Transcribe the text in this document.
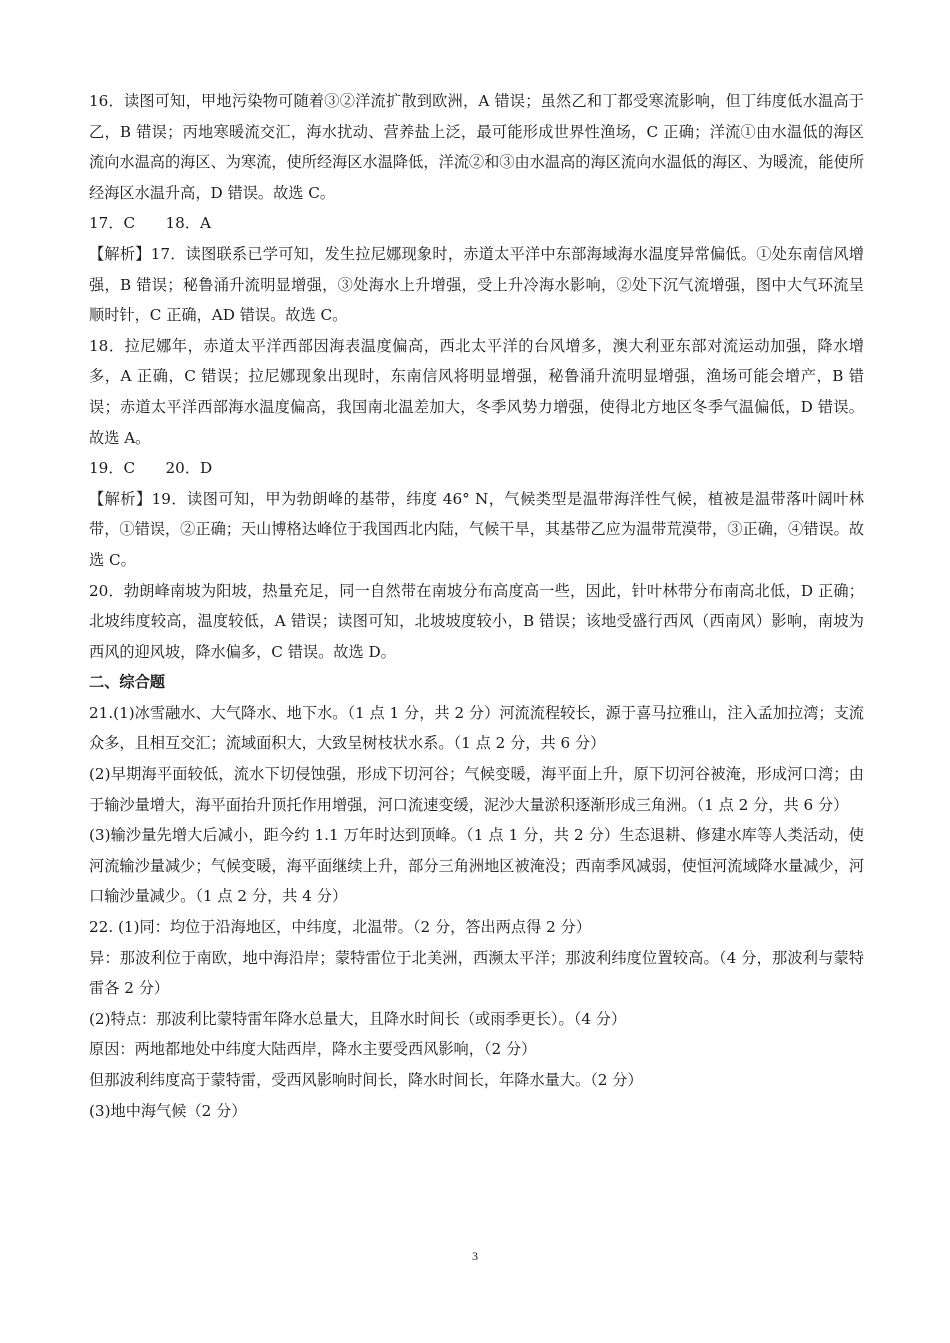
16．读图可知，甲地污染物可随着③②洋流扩散到欧洲，A 错误；虽然乙和丁都受寒流影响，但丁纬度低水温高于乙，B 错误；丙地寒暖流交汇，海水扰动、营养盐上泛，最可能形成世界性渔场，C 正确；洋流①由水温低的海区流向水温高的海区、为寒流，使所经海区水温降低，洋流②和③由水温高的海区流向水温低的海区、为暖流，能使所经海区水温升高，D 错误。故选 C。

17．C　　18．A

【解析】17．读图联系已学可知，发生拉尼娜现象时，赤道太平洋中东部海域海水温度异常偏低。①处东南信风增强，B 错误；秘鲁涌升流明显增强，③处海水上升增强，受上升冷海水影响，②处下沉气流增强，图中大气环流呈顺时针，C 正确，AD 错误。故选 C。

18．拉尼娜年，赤道太平洋西部因海表温度偏高，西北太平洋的台风增多，澳大利亚东部对流运动加强，降水增多，A 正确，C 错误；拉尼娜现象出现时，东南信风将明显增强，秘鲁涌升流明显增强，渔场可能会增产，B 错误；赤道太平洋西部海水温度偏高，我国南北温差加大，冬季风势力增强，使得北方地区冬季气温偏低，D 错误。故选 A。

19．C　　20．D

【解析】19．读图可知，甲为勃朗峰的基带，纬度 46° N，气候类型是温带海洋性气候，植被是温带落叶阔叶林带，①错误，②正确；天山博格达峰位于我国西北内陆，气候干旱，其基带乙应为温带荒漠带，③正确，④错误。故选 C。

20．勃朗峰南坡为阳坡，热量充足，同一自然带在南坡分布高度高一些，因此，针叶林带分布南高北低，D 正确；北坡纬度较高，温度较低，A 错误；读图可知，北坡坡度较小，B 错误；该地受盛行西风（西南风）影响，南坡为西风的迎风坡，降水偏多，C 错误。故选 D。

二、综合题

21.(1)冰雪融水、大气降水、地下水。（1 点 1 分，共 2 分）河流流程较长，源于喜马拉雅山，注入孟加拉湾；支流众多，且相互交汇；流域面积大，大致呈树枝状水系。（1 点 2 分，共 6 分）

(2)早期海平面较低，流水下切侵蚀强，形成下切河谷；气候变暖，海平面上升，原下切河谷被淹，形成河口湾；由于输沙量增大，海平面抬升顶托作用增强，河口流速变缓，泥沙大量淤积逐渐形成三角洲。（1 点 2 分，共 6 分）

(3)输沙量先增大后减小，距今约 1.1 万年时达到顶峰。（1 点 1 分，共 2 分）生态退耕、修建水库等人类活动，使河流输沙量减少；气候变暖，海平面继续上升，部分三角洲地区被淹没；西南季风减弱，使恒河流域降水量减少，河口输沙量减少。（1 点 2 分，共 4 分）

22. (1)同：均位于沿海地区，中纬度，北温带。（2 分，答出两点得 2 分）

异：那波利位于南欧，地中海沿岸；蒙特雷位于北美洲，西濒太平洋；那波利纬度位置较高。（4 分，那波利与蒙特雷各 2 分）

(2)特点：那波利比蒙特雷年降水总量大，且降水时间长（或雨季更长）。（4 分）

原因：两地都地处中纬度大陆西岸，降水主要受西风影响，（2 分）

但那波利纬度高于蒙特雷，受西风影响时间长，降水时间长，年降水量大。（2 分）

(3)地中海气候（2 分）

3
